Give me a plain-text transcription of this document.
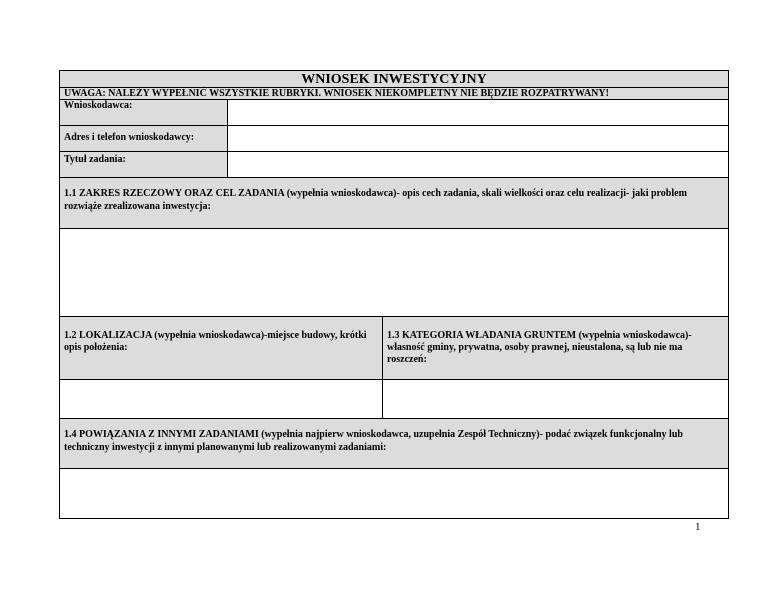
WNIOSEK INWESTYCYJNY
UWAGA: NALEŻY WYPEŁNIĆ WSZYSTKIE RUBRYKI. WNIOSEK NIEKOMPLETNY NIE BĘDZIE ROZPATRYWANY!
Wnioskodawca:
Adres i telefon wnioskodawcy:
Tytuł zadania:
1.1 ZAKRES RZECZOWY ORAZ CEL ZADANIA (wypełnia wnioskodawca)- opis cech zadania, skali wielkości oraz celu realizacji- jaki problem rozwiąże zrealizowana inwestycja:
1.2 LOKALIZACJA (wypełnia wnioskodawca)-miejsce budowy, krótki opis położenia:
1.3 KATEGORIA WŁADANIA GRUNTEM (wypełnia wnioskodawca)- własność gminy, prywatna, osoby prawnej, nieustalona, są lub nie ma roszczeń:
1.4 POWIĄZANIA Z INNYMI ZADANIAMI (wypełnia najpierw wnioskodawca, uzupełnia Zespół Techniczny)- podać związek funkcjonalny lub techniczny inwestycji z innymi planowanymi lub realizowanymi zadaniami:
1
